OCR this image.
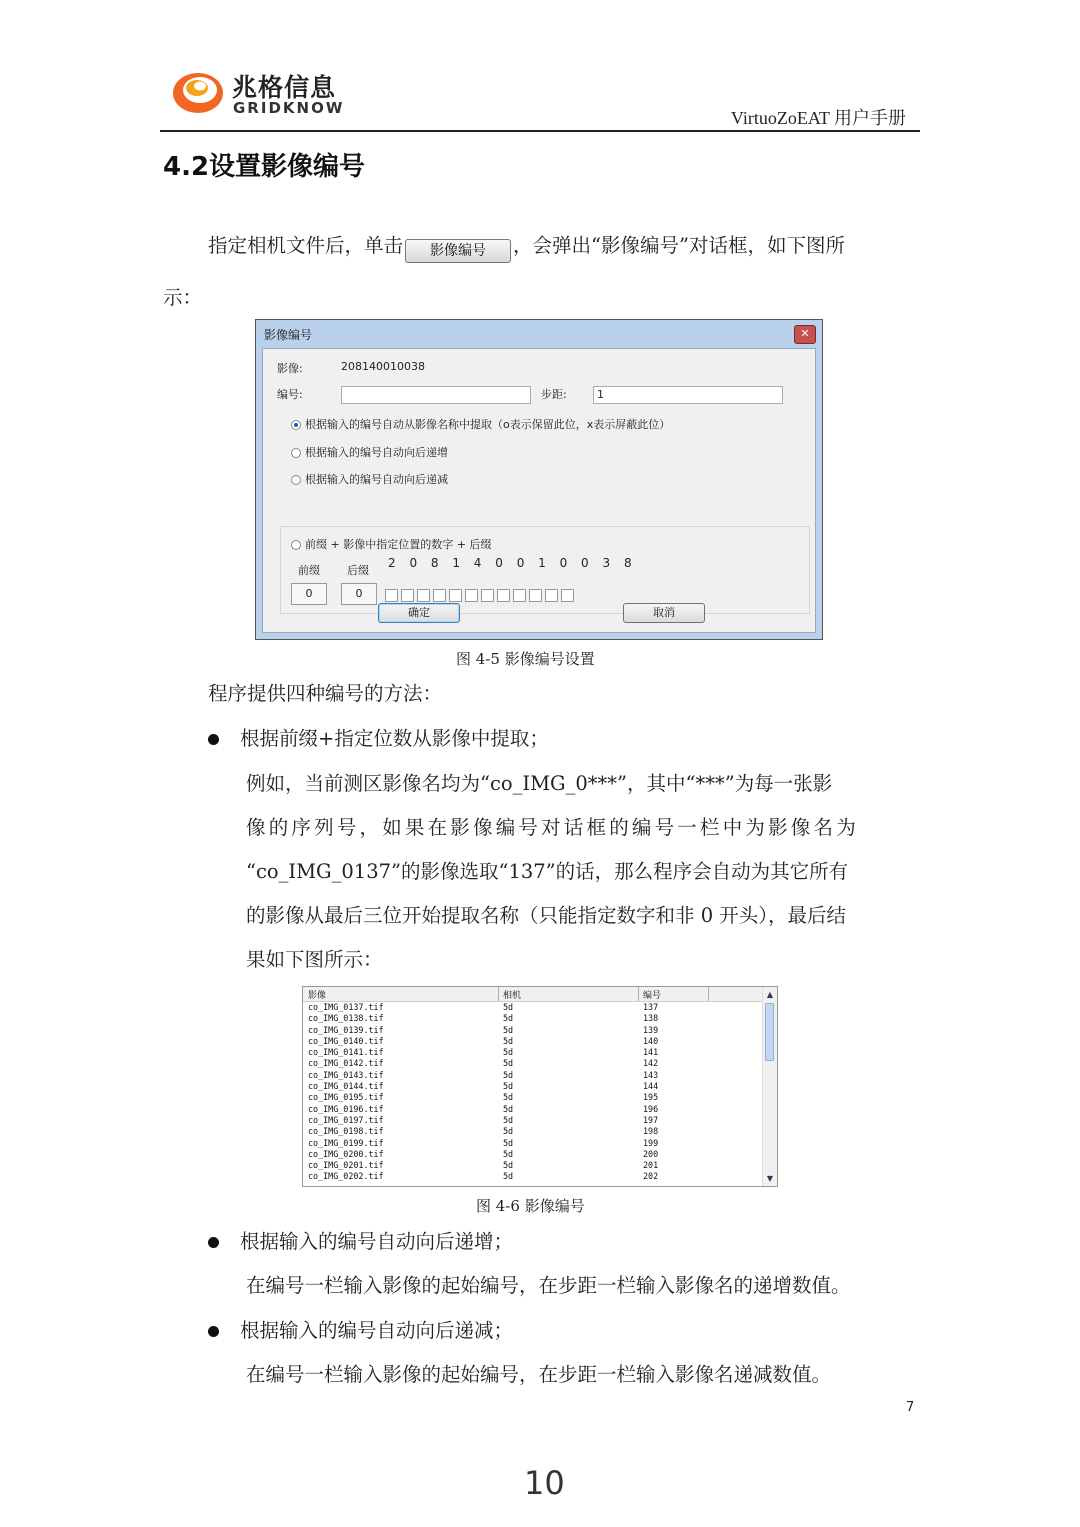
兆格信息
GRIDKNOW	VirtuoZoEAT 用户手册
4.2设置影像编号
指定相机文件后，单击 影像编号 ，会弹出“影像编号”对话框，如下图所
示：
影像编号	✕
影像:	208140010038
编号:	步距:	1
根据输入的编号自动从影像名称中提取（o表示保留此位，x表示屏蔽此位）
根据输入的编号自动向后递增
根据输入的编号自动向后递减
前缀 + 影像中指定位置的数字 + 后缀
2 0 8 1 4 0 0 1 0 0 3 8
前缀 后缀
0	0
确定	取消
图 4-5 影像编号设置
程序提供四种编号的方法：
根据前缀+指定位数从影像中提取；
例如，当前测区影像名均为“co_IMG_0***”，其中“***”为每一张影
像的序列号，如果在影像编号对话框的编号一栏中为影像名为
“co_IMG_0137”的影像选取“137”的话，那么程序会自动为其它所有
的影像从最后三位开始提取名称（只能指定数字和非 0 开头），最后结
果如下图所示：
影像	相机	编号
co_IMG_0137.tif	5d	137
co_IMG_0138.tif	5d	138
co_IMG_0139.tif	5d	139
co_IMG_0140.tif	5d	140
co_IMG_0141.tif	5d	141
co_IMG_0142.tif	5d	142
co_IMG_0143.tif	5d	143
co_IMG_0144.tif	5d	144
co_IMG_0195.tif	5d	195
co_IMG_0196.tif	5d	196
co_IMG_0197.tif	5d	197
co_IMG_0198.tif	5d	198
co_IMG_0199.tif	5d	199
co_IMG_0200.tif	5d	200
co_IMG_0201.tif	5d	201
co_IMG_0202.tif	5d	202
▲
▼
图 4-6 影像编号
根据输入的编号自动向后递增；
在编号一栏输入影像的起始编号，在步距一栏输入影像名的递增数值。
根据输入的编号自动向后递减；
在编号一栏输入影像的起始编号，在步距一栏输入影像名递减数值。
7
10
